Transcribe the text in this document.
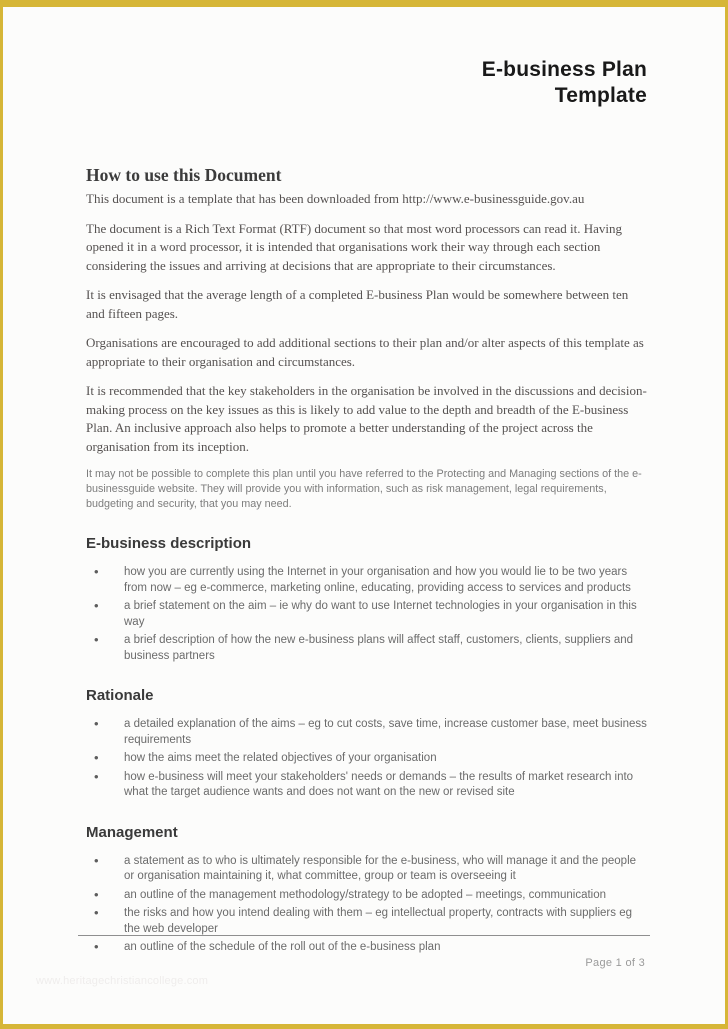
E-business Plan
Template
How to use this Document

This document is a template that has been downloaded from http://www.e-businessguide.gov.au

The document is a Rich Text Format (RTF) document so that most word processors can read it. Having opened it in a word processor, it is intended that organisations work their way through each section considering the issues and arriving at decisions that are appropriate to their circumstances.

It is envisaged that the average length of a completed E-business Plan would be somewhere between ten and fifteen pages.

Organisations are encouraged to add additional sections to their plan and/or alter aspects of this template as appropriate to their organisation and circumstances.

It is recommended that the key stakeholders in the organisation be involved in the discussions and decision-making process on the key issues as this is likely to add value to the depth and breadth of the E-business Plan. An inclusive approach also helps to promote a better understanding of the project across the organisation from its inception.

It may not be possible to complete this plan until you have referred to the Protecting and Managing sections of the e-businessguide website. They will provide you with information, such as risk management, legal requirements, budgeting and security, that you may need.

E-business description
• how you are currently using the Internet in your organisation and how you would lie to be two years from now – eg e-commerce, marketing online, educating, providing access to services and products
• a brief statement on the aim – ie why do want to use Internet technologies in your organisation in this way
• a brief description of how the new e-business plans will affect staff, customers, clients, suppliers and business partners
Rationale
• a detailed explanation of the aims – eg to cut costs, save time, increase customer base, meet business requirements
• how the aims meet the related objectives of your organisation
• how e-business will meet your stakeholders' needs or demands – the results of market research into what the target audience wants and does not want on the new or revised site
Management
• a statement as to who is ultimately responsible for the e-business, who will manage it and the people or organisation maintaining it, what committee, group or team is overseeing it
• an outline of the management methodology/strategy to be adopted – meetings, communication
• the risks and how you intend dealing with them – eg intellectual property, contracts with suppliers eg the web developer
• an outline of the schedule of the roll out of the e-business plan
Page 1 of 3
www.heritagechristiancollege.com
